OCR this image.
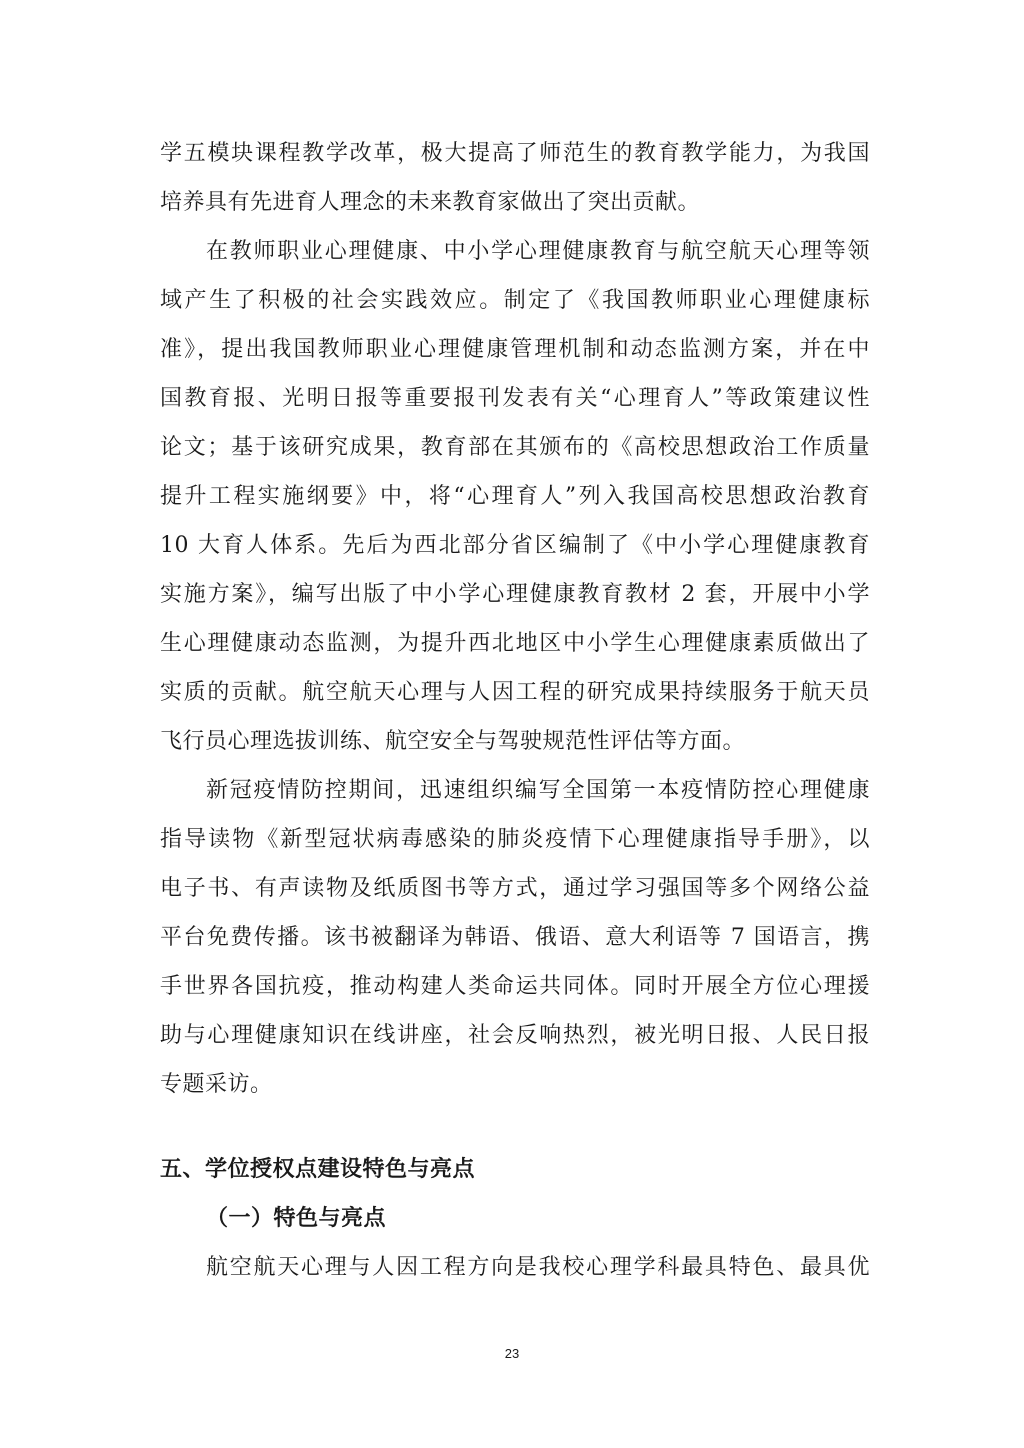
学五模块课程教学改革，极大提高了师范生的教育教学能力，为我国
培养具有先进育人理念的未来教育家做出了突出贡献。
在教师职业心理健康、中小学心理健康教育与航空航天心理等领
域产生了积极的社会实践效应。制定了《我国教师职业心理健康标
准》，提出我国教师职业心理健康管理机制和动态监测方案，并在中
国教育报、光明日报等重要报刊发表有关“心理育人”等政策建议性
论文；基于该研究成果，教育部在其颁布的《高校思想政治工作质量
提升工程实施纲要》中，将“心理育人”列入我国高校思想政治教育
10 大育人体系。先后为西北部分省区编制了《中小学心理健康教育
实施方案》，编写出版了中小学心理健康教育教材 2 套，开展中小学
生心理健康动态监测，为提升西北地区中小学生心理健康素质做出了
实质的贡献。航空航天心理与人因工程的研究成果持续服务于航天员
飞行员心理选拔训练、航空安全与驾驶规范性评估等方面。
新冠疫情防控期间，迅速组织编写全国第一本疫情防控心理健康
指导读物《新型冠状病毒感染的肺炎疫情下心理健康指导手册》，以
电子书、有声读物及纸质图书等方式，通过学习强国等多个网络公益
平台免费传播。该书被翻译为韩语、俄语、意大利语等 7 国语言，携
手世界各国抗疫，推动构建人类命运共同体。同时开展全方位心理援
助与心理健康知识在线讲座，社会反响热烈，被光明日报、人民日报
专题采访。
五、学位授权点建设特色与亮点
（一）特色与亮点
航空航天心理与人因工程方向是我校心理学科最具特色、最具优
23
